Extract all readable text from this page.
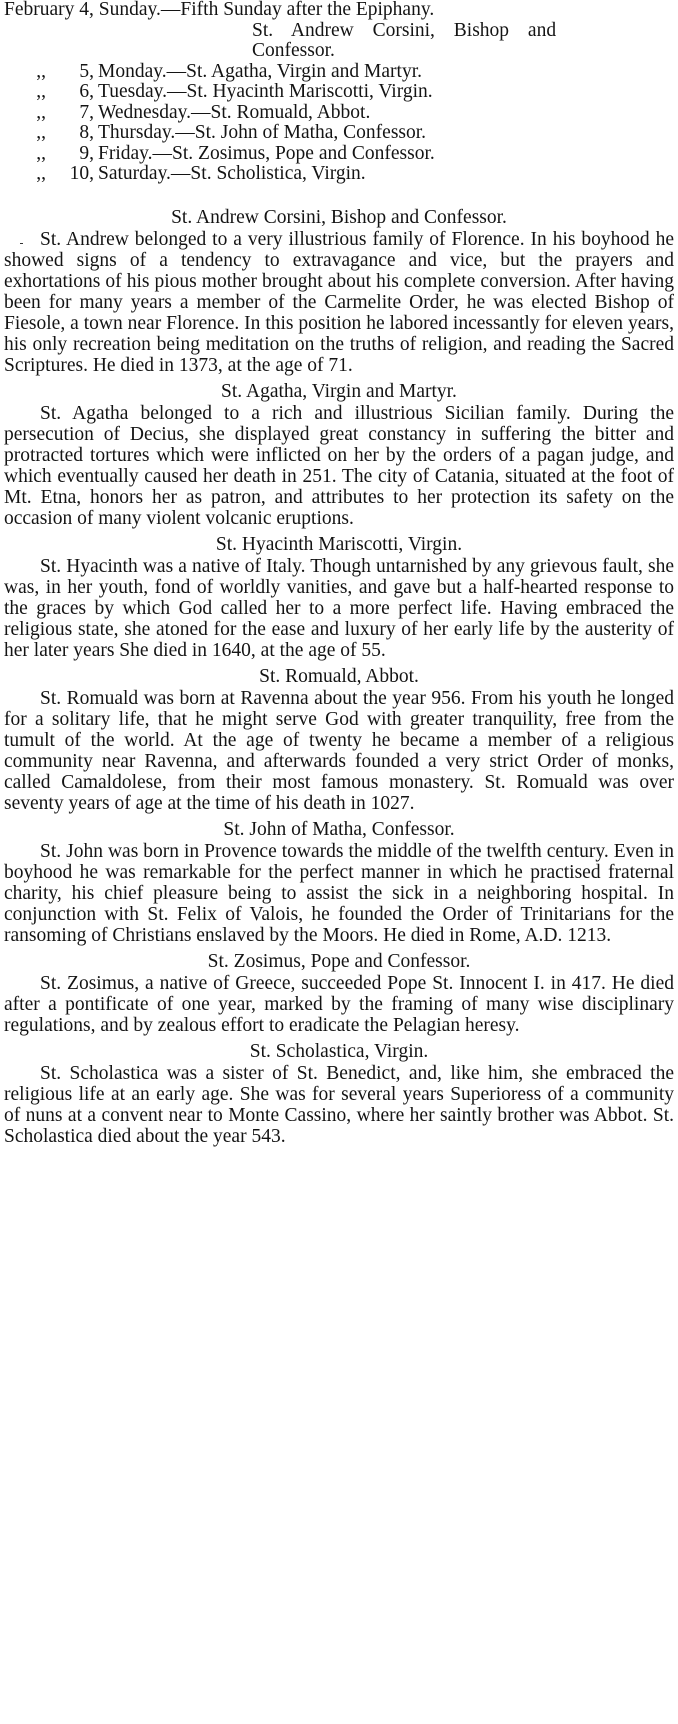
February 4, Sunday. —Fifth Sunday after the Epiphany.
St. Andrew Corsini, Bishop and
Confessor.
,,	5, Monday.—St. Agatha, Virgin and Martyr.
,,	6, Tuesday.—St. Hyacinth Mariscotti, Virgin.
,,	7, Wednesday.—St. Romuald, Abbot.
,,	8, Thursday.—St. John of Matha, Confessor.
,,	9, Friday.—St. Zosimus, Pope and Confessor.
,,	10, Saturday.—St. Scholistica, Virgin.
St. Andrew Corsini, Bishop and Confessor.

St. Andrew belonged to a very illustrious family of Florence. In his boyhood he showed signs of a tendency to extravagance and vice, but the prayers and exhortations of his pious mother brought about his complete conversion. After having been for many years a member of the Carmelite Order, he was elected Bishop of Fiesole, a town near Florence. In this position he labored incessantly for eleven years, his only recreation being meditation on the truths of religion, and reading the Sacred Scriptures. He died in 1373, at the age of 71.

St. Agatha, Virgin and Martyr.

St. Agatha belonged to a rich and illustrious Sicilian family. During the persecution of Decius, she displayed great constancy in suffering the bitter and protracted tortures which were inflicted on her by the orders of a pagan judge, and which eventually caused her death in 251. The city of Catania, situated at the foot of Mt. Etna, honors her as patron, and attributes to her protection its safety on the occasion of many violent volcanic eruptions.

St. Hyacinth Mariscotti, Virgin.

St. Hyacinth was a native of Italy. Though untarnished by any grievous fault, she was, in her youth, fond of worldly vanities, and gave but a half-hearted response to the graces by which God called her to a more perfect life. Having embraced the religious state, she atoned for the ease and luxury of her early life by the austerity of her later years She died in 1640, at the age of 55.

St. Romuald, Abbot.

St. Romuald was born at Ravenna about the year 956. From his youth he longed for a solitary life, that he might serve God with greater tranquility, free from the tumult of the world. At the age of twenty he became a member of a religious community near Ravenna, and afterwards founded a very strict Order of monks, called Camaldolese, from their most famous monastery. St. Romuald was over seventy years of age at the time of his death in 1027.

St. John of Matha, Confessor.

St. John was born in Provence towards the middle of the twelfth century. Even in boyhood he was remarkable for the perfect manner in which he practised fraternal charity, his chief pleasure being to assist the sick in a neighboring hospital. In conjunction with St. Felix of Valois, he founded the Order of Trinitarians for the ransoming of Christians enslaved by the Moors. He died in Rome, A.D. 1213.

St. Zosimus, Pope and Confessor.

St. Zosimus, a native of Greece, succeeded Pope St. Innocent I. in 417. He died after a pontificate of one year, marked by the framing of many wise disciplinary regulations, and by zealous effort to eradicate the Pelagian heresy.

St. Scholastica, Virgin.

St. Scholastica was a sister of St. Benedict, and, like him, she embraced the religious life at an early age. She was for several years Superioress of a community of nuns at a convent near to Monte Cassino, where her saintly brother was Abbot. St. Scholastica died about the year 543.
